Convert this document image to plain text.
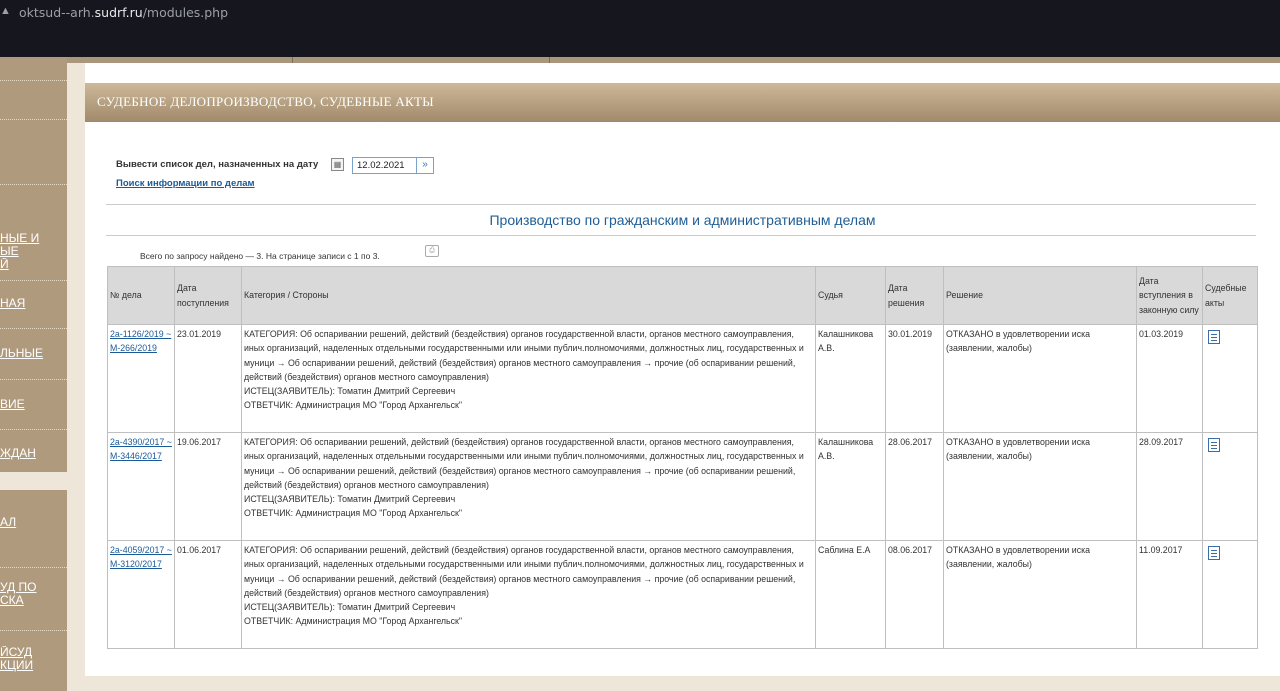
▲ oktsud--arh.sudrf.ru/modules.php
НЫЕ И
ЫЕ
Й
НАЯ
ЛЬНЫЕ
ВИЕ
ЖДАН
АЛ
УД ПО
СКА
ЙСУД
КЦИИ
СУДЕБНОЕ ДЕЛОПРОИЗВОДСТВО, СУДЕБНЫЕ АКТЫ
Вывести список дел, назначенных на дату	▦	12.02.2021	»
Поиск информации по делам
Производство по гражданским и административным делам
Всего по запросу найдено — 3. На странице записи с 1 по 3.
⎙
№ дела	Дата поступления	Категория / Стороны	Судья	Дата решения	Решение	Дата вступления в законную силу	Судебные акты
2а-1126/2019 ~ М-266/2019	23.01.2019	КАТЕГОРИЯ: Об оспаривании решений, действий (бездействия) органов государственной власти, органов местного самоуправления, иных организаций, наделенных отдельными государственными или иными публич.полномочиями, должностных лиц, государственных и муници → Об оспаривании решений, действий (бездействия) органов местного самоуправления → прочие (об оспаривании решений, действий (бездействия) органов местного самоуправления)
ИСТЕЦ(ЗАЯВИТЕЛЬ): Томатин Дмитрий Сергеевич
ОТВЕТЧИК: Администрация МО "Город Архангельск"	Калашникова А.В.	30.01.2019	ОТКАЗАНО в удовлетворении иска (заявлении, жалобы)	01.03.2019	
2а-4390/2017 ~ М-3446/2017	19.06.2017	КАТЕГОРИЯ: Об оспаривании решений, действий (бездействия) органов государственной власти, органов местного самоуправления, иных организаций, наделенных отдельными государственными или иными публич.полномочиями, должностных лиц, государственных и муници → Об оспаривании решений, действий (бездействия) органов местного самоуправления → прочие (об оспаривании решений, действий (бездействия) органов местного самоуправления)
ИСТЕЦ(ЗАЯВИТЕЛЬ): Томатин Дмитрий Сергеевич
ОТВЕТЧИК: Администрация МО "Город Архангельск"	Калашникова А.В.	28.06.2017	ОТКАЗАНО в удовлетворении иска (заявлении, жалобы)	28.09.2017	
2а-4059/2017 ~ М-3120/2017	01.06.2017	КАТЕГОРИЯ: Об оспаривании решений, действий (бездействия) органов государственной власти, органов местного самоуправления, иных организаций, наделенных отдельными государственными или иными публич.полномочиями, должностных лиц, государственных и муници → Об оспаривании решений, действий (бездействия) органов местного самоуправления → прочие (об оспаривании решений, действий (бездействия) органов местного самоуправления)
ИСТЕЦ(ЗАЯВИТЕЛЬ): Томатин Дмитрий Сергеевич
ОТВЕТЧИК: Администрация МО "Город Архангельск"	Саблина Е.А	08.06.2017	ОТКАЗАНО в удовлетворении иска (заявлении, жалобы)	11.09.2017	
